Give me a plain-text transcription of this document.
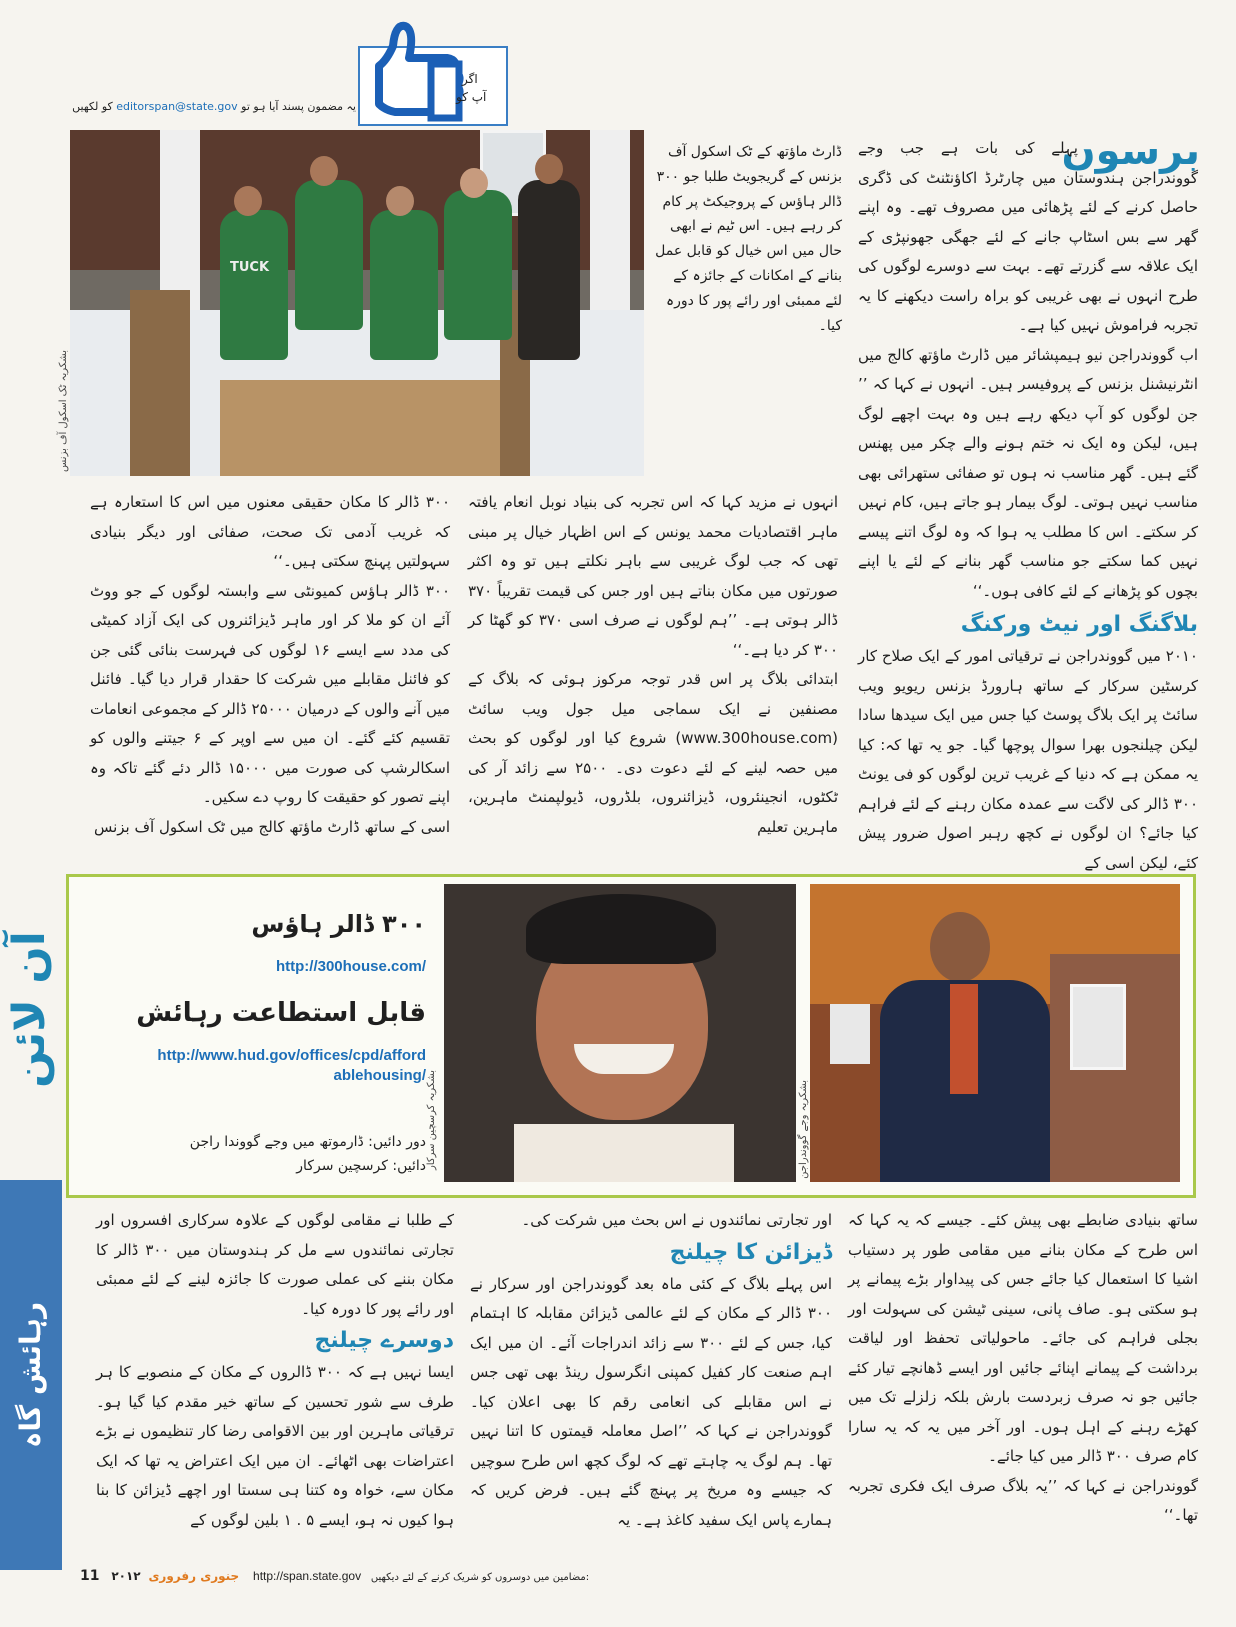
اگر
آپ کو
یہ مضمون پسند آیا ہو تو editorspan@state.gov کو لکھیں
برسوں

پہلے کی بات ہے جب وجے گووندراجن ہندوستان میں چارٹرڈ اکاؤنٹنٹ کی ڈگری حاصل کرنے کے لئے پڑھائی میں مصروف تھے۔ وہ اپنے گھر سے بس اسٹاپ جانے کے لئے جھگی جھونپڑی کے ایک علاقہ سے گزرتے تھے۔ بہت سے دوسرے لوگوں کی طرح انہوں نے بھی غریبی کو براہ راست دیکھنے کا یہ تجربہ فراموش نہیں کیا ہے۔

اب گووندراجن نیو ہیمپشائر میں ڈارٹ ماؤتھ کالج میں انٹرنیشنل بزنس کے پروفیسر ہیں۔ انہوں نے کہا کہ ’’ جن لوگوں کو آپ دیکھ رہے ہیں وہ بہت اچھے لوگ ہیں، لیکن وہ ایک نہ ختم ہونے والے چکر میں پھنس گئے ہیں۔ گھر مناسب نہ ہوں تو صفائی ستھرائی بھی مناسب نہیں ہوتی۔ لوگ بیمار ہو جاتے ہیں، کام نہیں کر سکتے۔ اس کا مطلب یہ ہوا کہ وہ لوگ اتنے پیسے نہیں کما سکتے جو مناسب گھر بنانے کے لئے یا اپنے بچوں کو پڑھانے کے لئے کافی ہوں۔‘‘

بلاگنگ اور نیٹ ورکنگ

۲۰۱۰ میں گووندراجن نے ترقیاتی امور کے ایک صلاح کار کرسٹین سرکار کے ساتھ ہارورڈ بزنس ریویو ویب سائٹ پر ایک بلاگ پوسٹ کیا جس میں ایک سیدھا سادا لیکن چیلنجوں بھرا سوال پوچھا گیا۔ جو یہ تھا کہ: کیا یہ ممکن ہے کہ دنیا کے غریب ترین لوگوں کو فی یونٹ ۳۰۰ ڈالر کی لاگت سے عمدہ مکان رہنے کے لئے فراہم کیا جائے؟ ان لوگوں نے کچھ رہبر اصول ضرور پیش کئے، لیکن اسی کے

TUCK
بشکریہ ٹک اسکول آف بزنس
ڈارٹ ماؤتھ کے ٹک اسکول آف بزنس کے گریجویٹ طلبا جو ۳۰۰ ڈالر ہاؤس کے پروجیکٹ پر کام کر رہے ہیں۔ اس ٹیم نے ابھی حال میں اس خیال کو قابل عمل بنانے کے امکانات کے جائزہ کے لئے ممبئی اور رائے پور کا دورہ کیا۔

انہوں نے مزید کہا کہ اس تجربہ کی بنیاد نوبل انعام یافتہ ماہر اقتصادیات محمد یونس کے اس اظہار خیال پر مبنی تھی کہ جب لوگ غریبی سے باہر نکلتے ہیں تو وہ اکثر صورتوں میں مکان بناتے ہیں اور جس کی قیمت تقریباً ۳۷۰ ڈالر ہوتی ہے۔ ’’ہم لوگوں نے صرف اسی ۳۷۰ کو گھٹا کر ۳۰۰ کر دیا ہے۔‘‘

ابتدائی بلاگ پر اس قدر توجہ مرکوز ہوئی کہ بلاگ کے مصنفین نے ایک سماجی میل جول ویب سائٹ (www.300house.com) شروع کیا اور لوگوں کو بحث میں حصہ لینے کے لئے دعوت دی۔ ۲۵۰۰ سے زائد آر کی ٹکٹوں، انجینئروں، ڈیزائنروں، بلڈروں، ڈیولپمنٹ ماہرین، ماہرین تعلیم

۳۰۰ ڈالر کا مکان حقیقی معنوں میں اس کا استعارہ ہے کہ غریب آدمی تک صحت، صفائی اور دیگر بنیادی سہولتیں پہنچ سکتی ہیں۔‘‘

۳۰۰ ڈالر ہاؤس کمیونٹی سے وابستہ لوگوں کے جو ووٹ آئے ان کو ملا کر اور ماہر ڈیزائنروں کی ایک آزاد کمیٹی کی مدد سے ایسے ۱۶ لوگوں کی فہرست بنائی گئی جن کو فائنل مقابلے میں شرکت کا حقدار قرار دیا گیا۔ فائنل میں آنے والوں کے درمیان ۲۵۰۰۰ ڈالر کے مجموعی انعامات تقسیم کئے گئے۔ ان میں سے اوپر کے ۶ جیتنے والوں کو اسکالرشپ کی صورت میں ۱۵۰۰۰ ڈالر دئے گئے تاکہ وہ اپنے تصور کو حقیقت کا روپ دے سکیں۔

اسی کے ساتھ ڈارٹ ماؤتھ کالج میں ٹک اسکول آف بزنس

آن لائن
رہائش گاہ
بشکریہ کرسچین سرکار	بشکریہ وجے گووندراجن
۳۰۰ ڈالر ہاؤس
http://300house.com/
قابل استطاعت رہائش
http://www.hud.gov/offices/cpd/affordablehousing/
دور دائیں: ڈارموتھ میں وجے گووندا راجن
دائیں: کرسچین سرکار

ساتھ بنیادی ضابطے بھی پیش کئے۔ جیسے کہ یہ کہا کہ اس طرح کے مکان بنانے میں مقامی طور پر دستیاب اشیا کا استعمال کیا جائے جس کی پیداوار بڑے پیمانے پر ہو سکتی ہو۔ صاف پانی، سینی ٹیشن کی سہولت اور بجلی فراہم کی جائے۔ ماحولیاتی تحفظ اور لیاقت برداشت کے پیمانے اپنائے جائیں اور ایسے ڈھانچے تیار کئے جائیں جو نہ صرف زبردست بارش بلکہ زلزلے تک میں کھڑے رہنے کے اہل ہوں۔ اور آخر میں یہ کہ یہ سارا کام صرف ۳۰۰ ڈالر میں کیا جائے۔

گووندراجن نے کہا کہ ’’یہ بلاگ صرف ایک فکری تجربہ تھا۔‘‘

اور تجارتی نمائندوں نے اس بحث میں شرکت کی۔

ڈیزائن کا چیلنج

اس پہلے بلاگ کے کئی ماہ بعد گووندراجن اور سرکار نے ۳۰۰ ڈالر کے مکان کے لئے عالمی ڈیزائن مقابلہ کا اہتمام کیا، جس کے لئے ۳۰۰ سے زائد اندراجات آئے۔ ان میں ایک اہم صنعت کار کفیل کمپنی انگرسول رینڈ بھی تھی جس نے اس مقابلے کی انعامی رقم کا بھی اعلان کیا۔ گووندراجن نے کہا کہ ’’اصل معاملہ قیمتوں کا اتنا نہیں تھا۔ ہم لوگ یہ چاہتے تھے کہ لوگ کچھ اس طرح سوچیں کہ جیسے وہ مریخ پر پہنچ گئے ہیں۔ فرض کریں کہ ہمارے پاس ایک سفید کاغذ ہے۔ یہ

کے طلبا نے مقامی لوگوں کے علاوہ سرکاری افسروں اور تجارتی نمائندوں سے مل کر ہندوستان میں ۳۰۰ ڈالر کا مکان بننے کی عملی صورت کا جائزہ لینے کے لئے ممبئی اور رائے پور کا دورہ کیا۔

دوسرے چیلنج

ایسا نہیں ہے کہ ۳۰۰ ڈالروں کے مکان کے منصوبے کا ہر طرف سے شور تحسین کے ساتھ خیر مقدم کیا گیا ہو۔ ترقیاتی ماہرین اور بین الاقوامی رضا کار تنظیموں نے بڑے اعتراضات بھی اٹھائے۔ ان میں ایک اعتراض یہ تھا کہ ایک مکان سے، خواہ وہ کتنا ہی سستا اور اچھے ڈیزائن کا بنا ہوا کیوں نہ ہو، ایسے ۵ . ۱ بلین لوگوں کے

11 ۲۰۱۲ جنوری رفروری http://span.state.gov مضامین میں دوسروں کو شریک کرنے کے لئے دیکھیں:
